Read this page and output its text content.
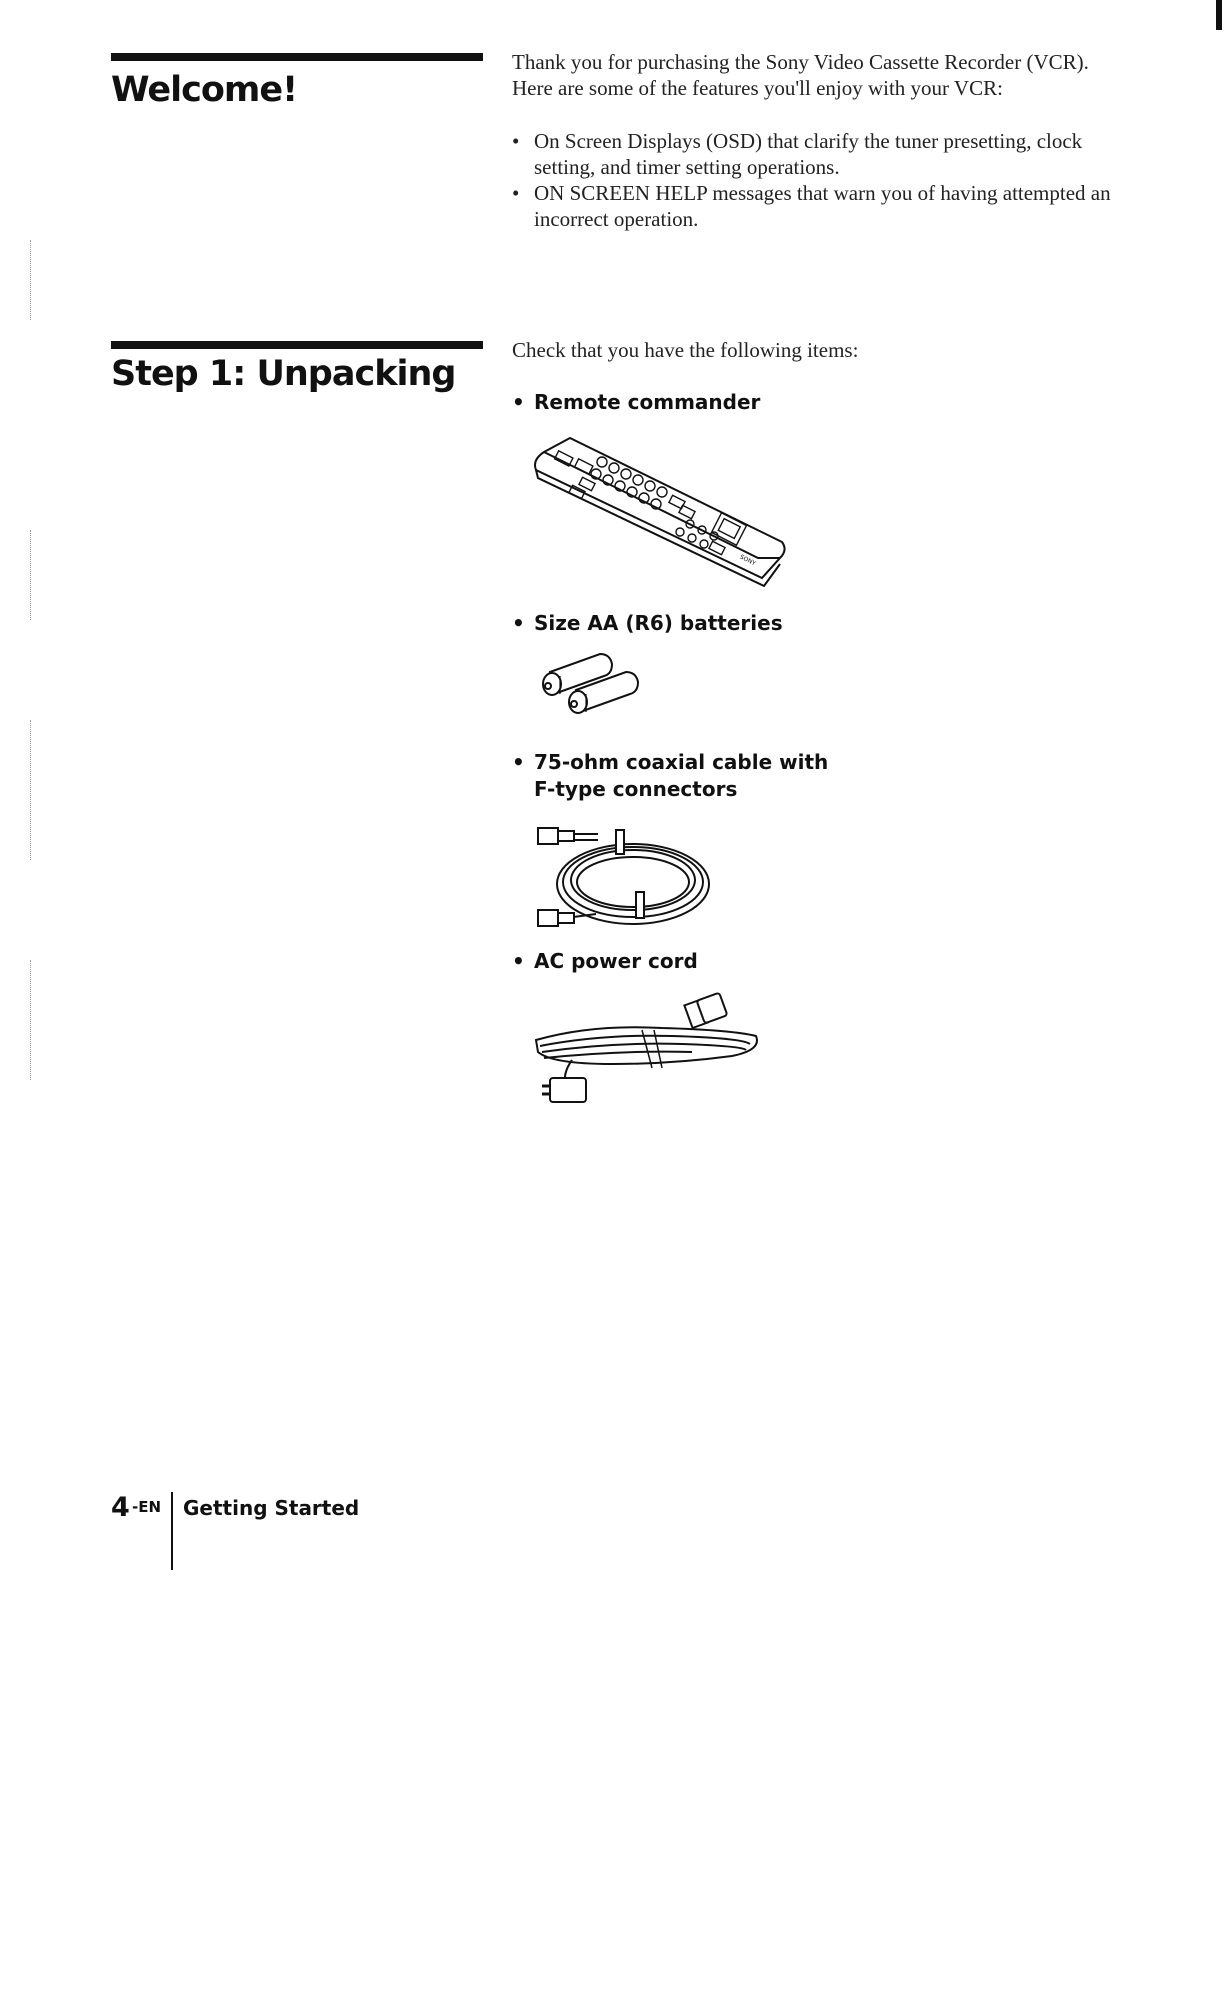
Welcome!
Thank you for purchasing the Sony Video Cassette Recorder (VCR).
Here are some of the features you'll enjoy with your VCR:
• On Screen Displays (OSD) that clarify the tuner presetting, clock
setting, and timer setting operations.
• ON SCREEN HELP messages that warn you of having attempted an
incorrect operation.
Step 1: Unpacking
Check that you have the following items:
• Remote commander
SONY
• Size AA (R6) batteries
• 75-ohm coaxial cable with
F-type connectors
• AC power cord
4 -EN Getting Started
